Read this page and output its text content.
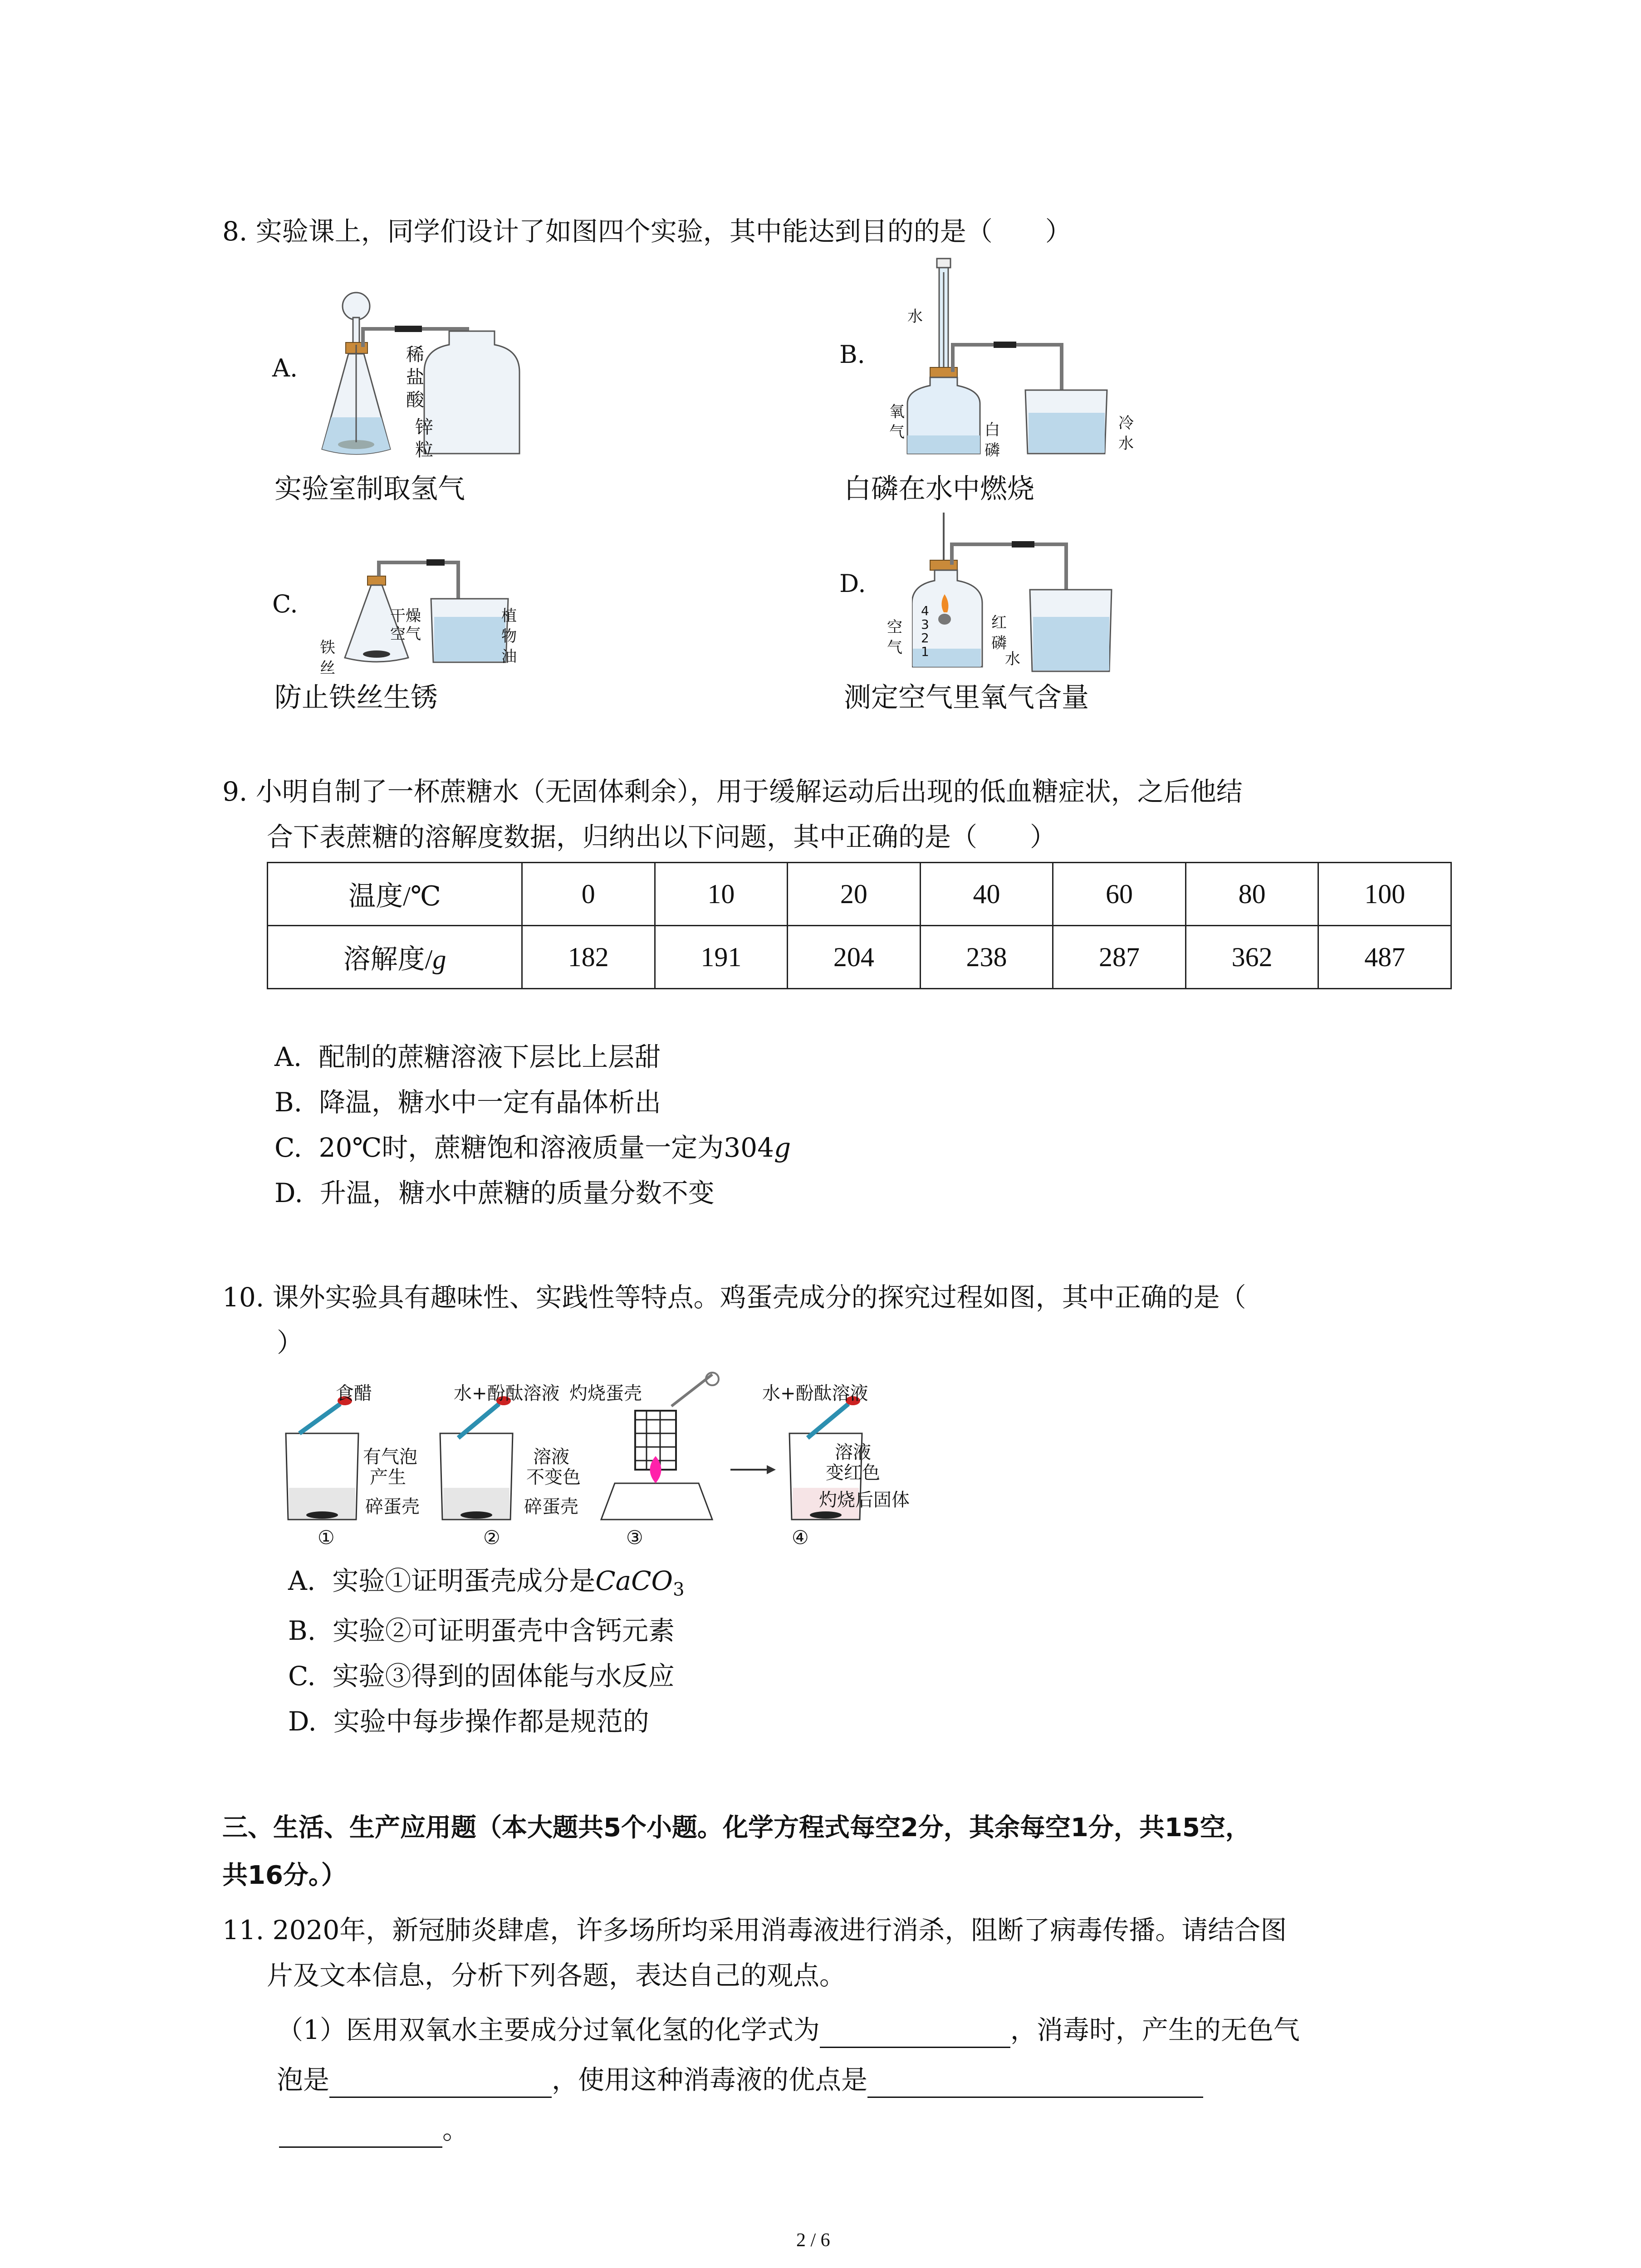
8. 实验课上，同学们设计了如图四个实验，其中能达到目的的是（　　）
A.	稀
盐
酸
锌
粒
实验室制取氢气
B.
水
氧
气	白
磷
冷
水
白磷在水中燃烧
C.	干燥
空气
铁
丝
植
物
油
防止铁丝生锈
D.
空
气
4
3
2
1
红
磷
水
测定空气里氧气含量
9. 小明自制了一杯蔗糖水（无固体剩余），用于缓解运动后出现的低血糖症状，之后他结
合下表蔗糖的溶解度数据，归纳出以下问题，其中正确的是（　　）
温度/℃	0	10	20	40	60	80	100
溶解度/g	182	191	204	238	287	362	487
A. 配制的蔗糖溶液下层比上层甜
B. 降温，糖水中一定有晶体析出
C. 20℃时，蔗糖饱和溶液质量一定为304g
D. 升温，糖水中蔗糖的质量分数不变
10. 课外实验具有趣味性、实践性等特点。鸡蛋壳成分的探究过程如图，其中正确的是（
）
食醋	水+酚酞溶液 灼烧蛋壳	水+酚酞溶液
有气泡
产生
碎蛋壳
溶液
不变色
碎蛋壳
溶液
变红色
灼烧后固体
①	②	③	④
A. 实验①证明蛋壳成分是CaCO$_3$
B. 实验②可证明蛋壳中含钙元素
C. 实验③得到的固体能与水反应
D. 实验中每步操作都是规范的
三、生活、生产应用题（本大题共5个小题。化学方程式每空2分，其余每空1分，共15空，
共16分。）
11. 2020年，新冠肺炎肆虐，许多场所均采用消毒液进行消杀，阻断了病毒传播。请结合图
片及文本信息，分析下列各题，表达自己的观点。
（1）医用双氧水主要成分过氧化氢的化学式为	，消毒时，产生的无色气
泡是	，使用这种消毒液的优点是
。
2 / 6
